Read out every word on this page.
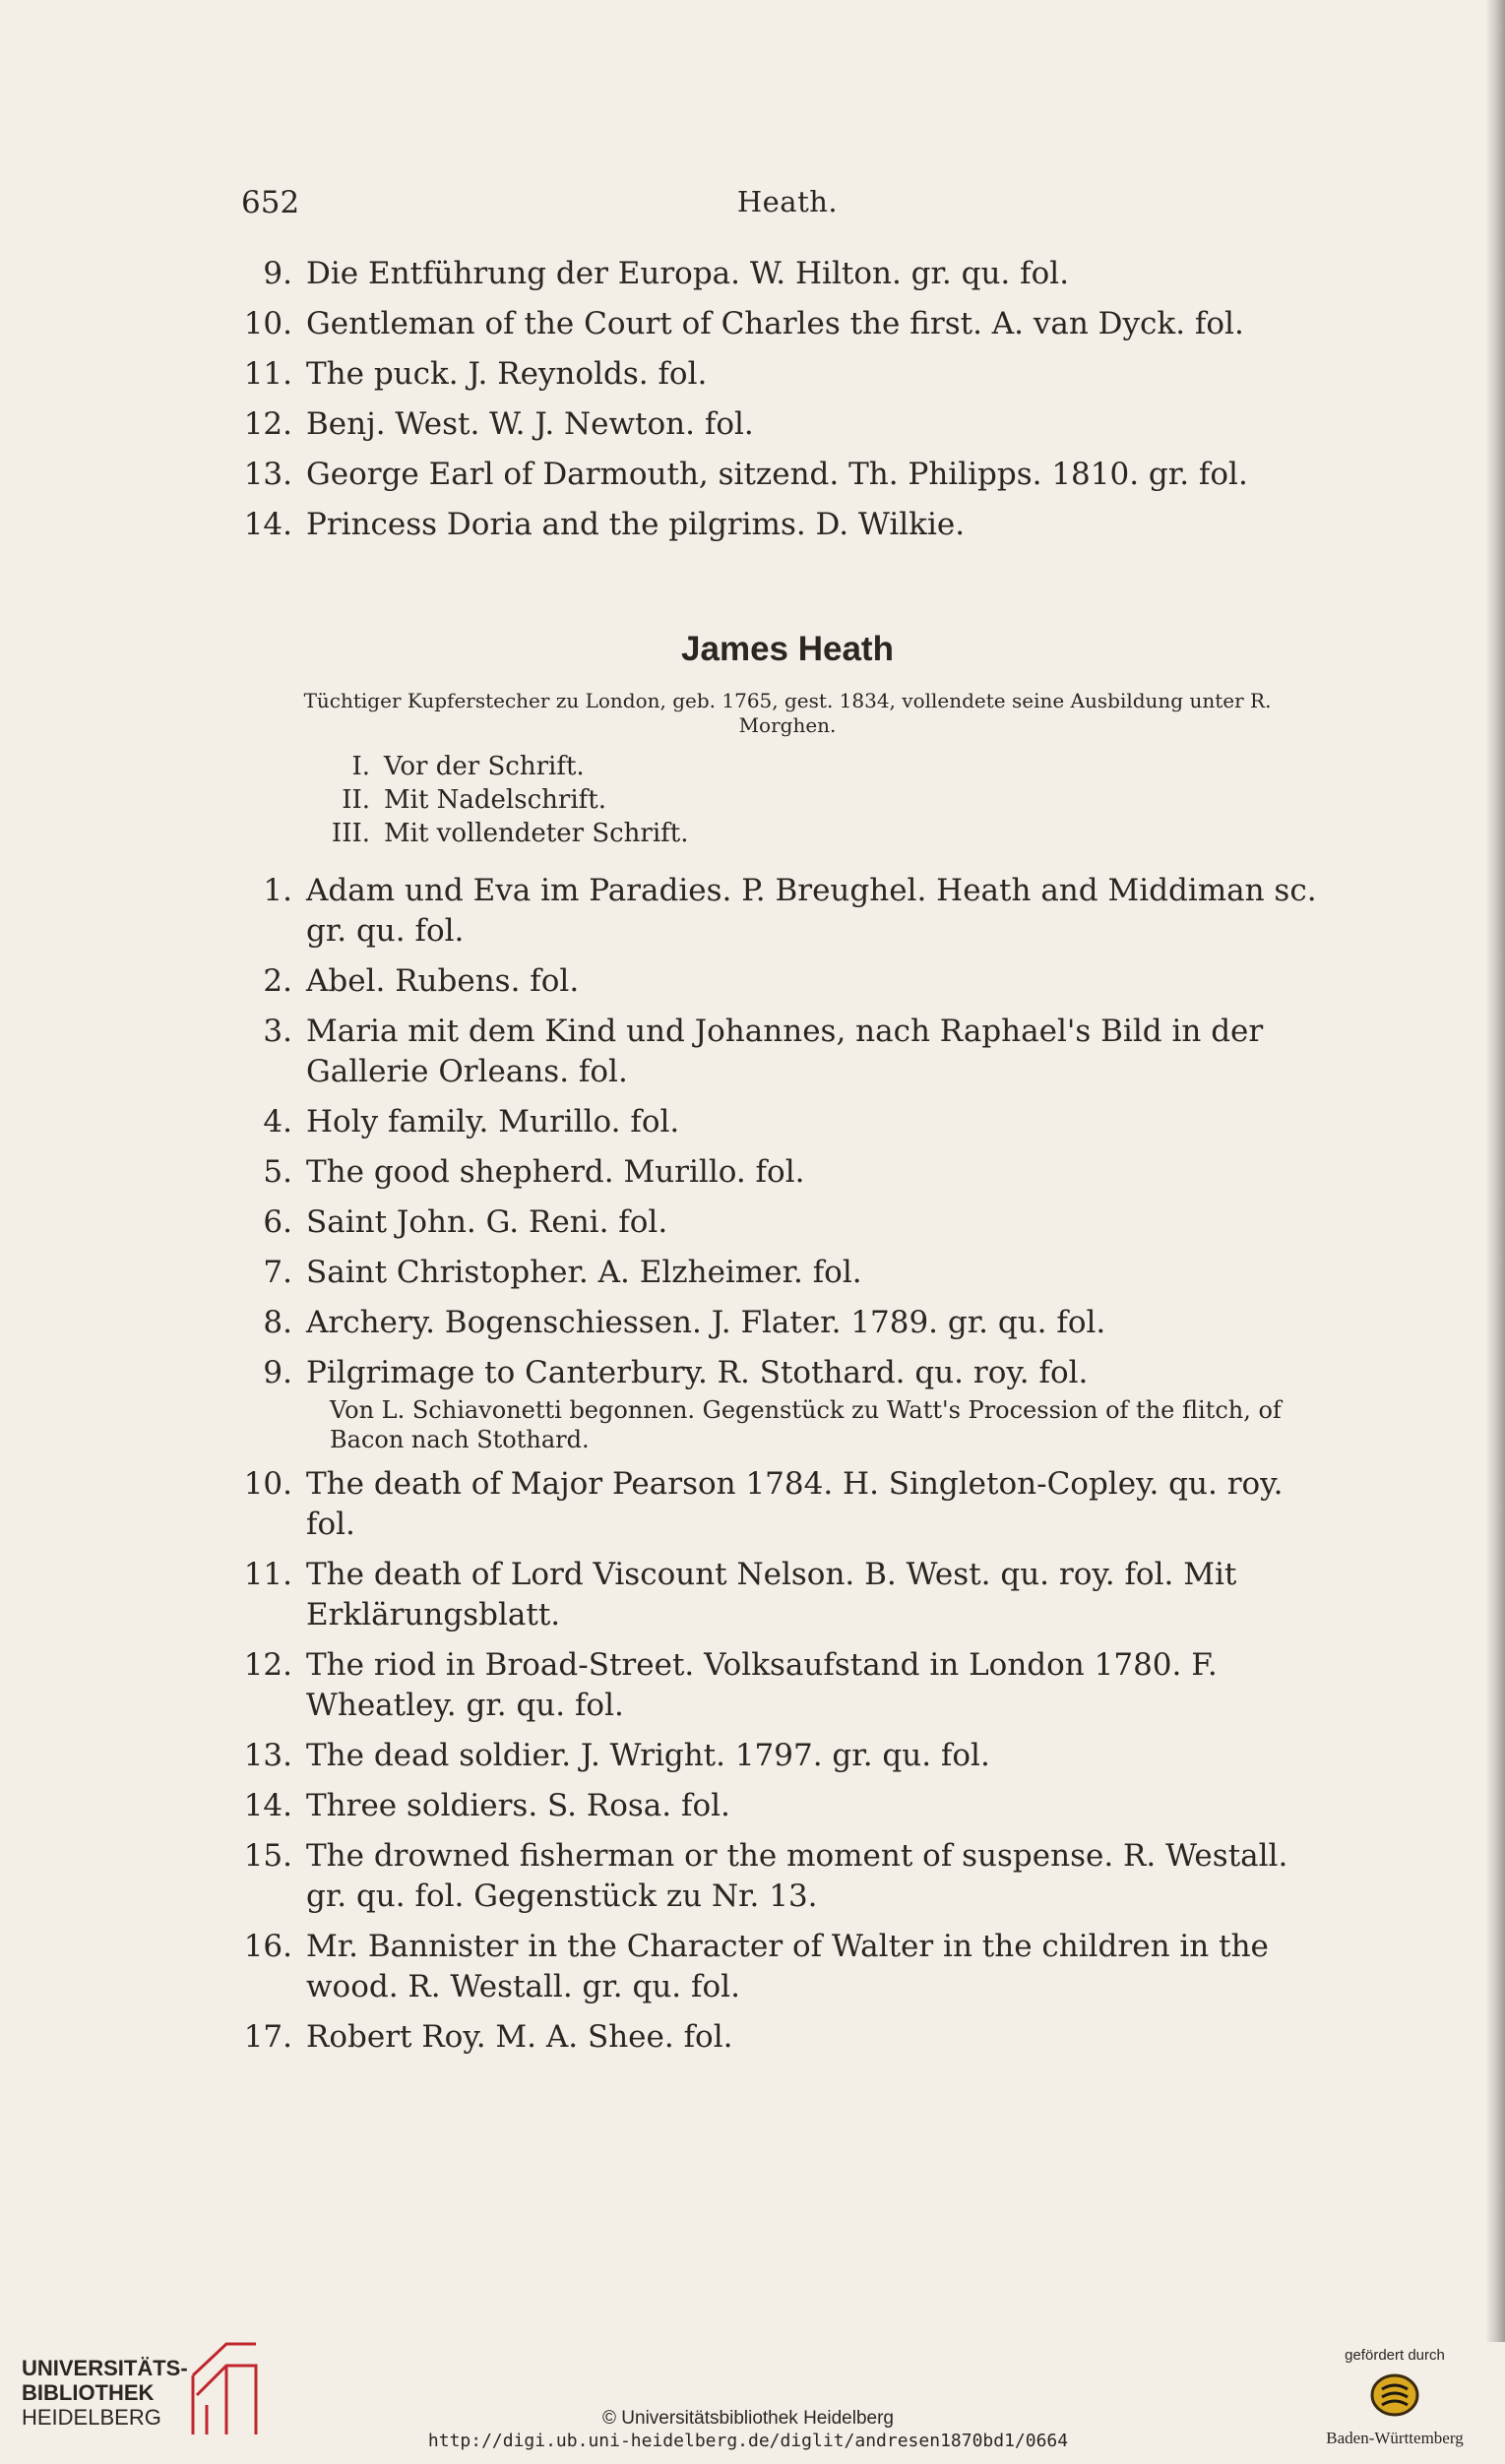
652	Heath.
9. Die Entführung der Europa. W. Hilton. gr. qu. fol.
10. Gentleman of the Court of Charles the first. A. van Dyck. fol.
11. The puck. J. Reynolds. fol.
12. Benj. West. W. J. Newton. fol.
13. George Earl of Darmouth, sitzend. Th. Philipps. 1810. gr. fol.
14. Princess Doria and the pilgrims. D. Wilkie.
James Heath
Tüchtiger Kupferstecher zu London, geb. 1765, gest. 1834, vollendete seine Ausbildung unter R. Morghen.
I. Vor der Schrift.
II. Mit Nadelschrift.
III. Mit vollendeter Schrift.
1. Adam und Eva im Paradies. P. Breughel. Heath and Middiman sc. gr. qu. fol.
2. Abel. Rubens. fol.
3. Maria mit dem Kind und Johannes, nach Raphael's Bild in der Gallerie Orleans. fol.
4. Holy family. Murillo. fol.
5. The good shepherd. Murillo. fol.
6. Saint John. G. Reni. fol.
7. Saint Christopher. A. Elzheimer. fol.
8. Archery. Bogenschiessen. J. Flater. 1789. gr. qu. fol.
9. Pilgrimage to Canterbury. R. Stothard. qu. roy. fol.
Von L. Schiavonetti begonnen. Gegenstück zu Watt's Procession of the flitch, of Bacon nach Stothard.
10. The death of Major Pearson 1784. H. Singleton-Copley. qu. roy. fol.
11. The death of Lord Viscount Nelson. B. West. qu. roy. fol. Mit Erklärungsblatt.
12. The riod in Broad-Street. Volksaufstand in London 1780. F. Wheatley. gr. qu. fol.
13. The dead soldier. J. Wright. 1797. gr. qu. fol.
14. Three soldiers. S. Rosa. fol.
15. The drowned fisherman or the moment of suspense. R. Westall. gr. qu. fol. Gegenstück zu Nr. 13.
16. Mr. Bannister in the Character of Walter in the children in the wood. R. Westall. gr. qu. fol.
17. Robert Roy. M. A. Shee. fol.
UNIVERSITÄTS-
BIBLIOTHEK
HEIDELBERG	© Universitätsbibliothek Heidelberg
http://digi.ub.uni-heidelberg.de/diglit/andresen1870bd1/0664
gefördert durch
Baden-Württemberg
